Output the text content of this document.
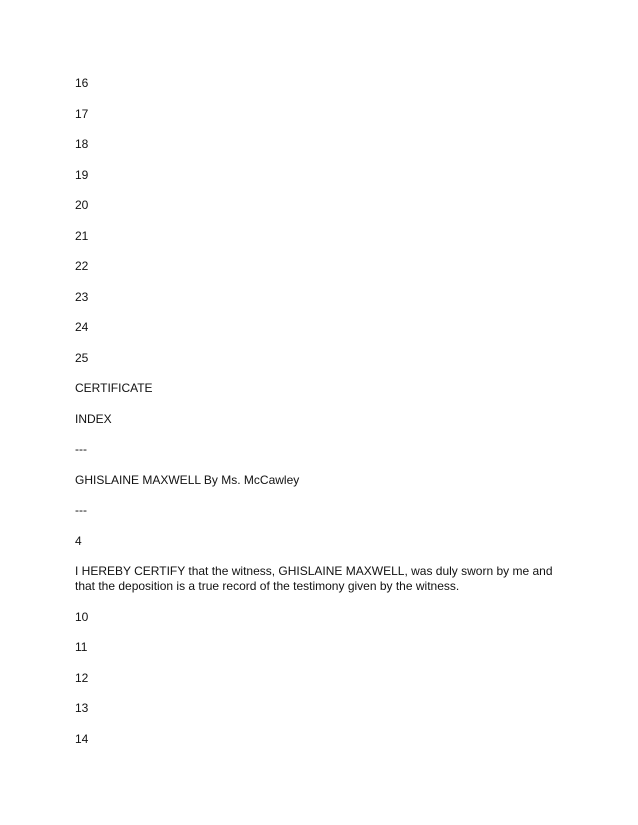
16
17
18
19
20
21
22
23
24
25
CERTIFICATE
INDEX
---
GHISLAINE MAXWELL By Ms. McCawley
---
4
I HEREBY CERTIFY that the witness, GHISLAINE MAXWELL, was duly sworn by me and that the deposition is a true record of the testimony given by the witness.
10
11
12
13
14
